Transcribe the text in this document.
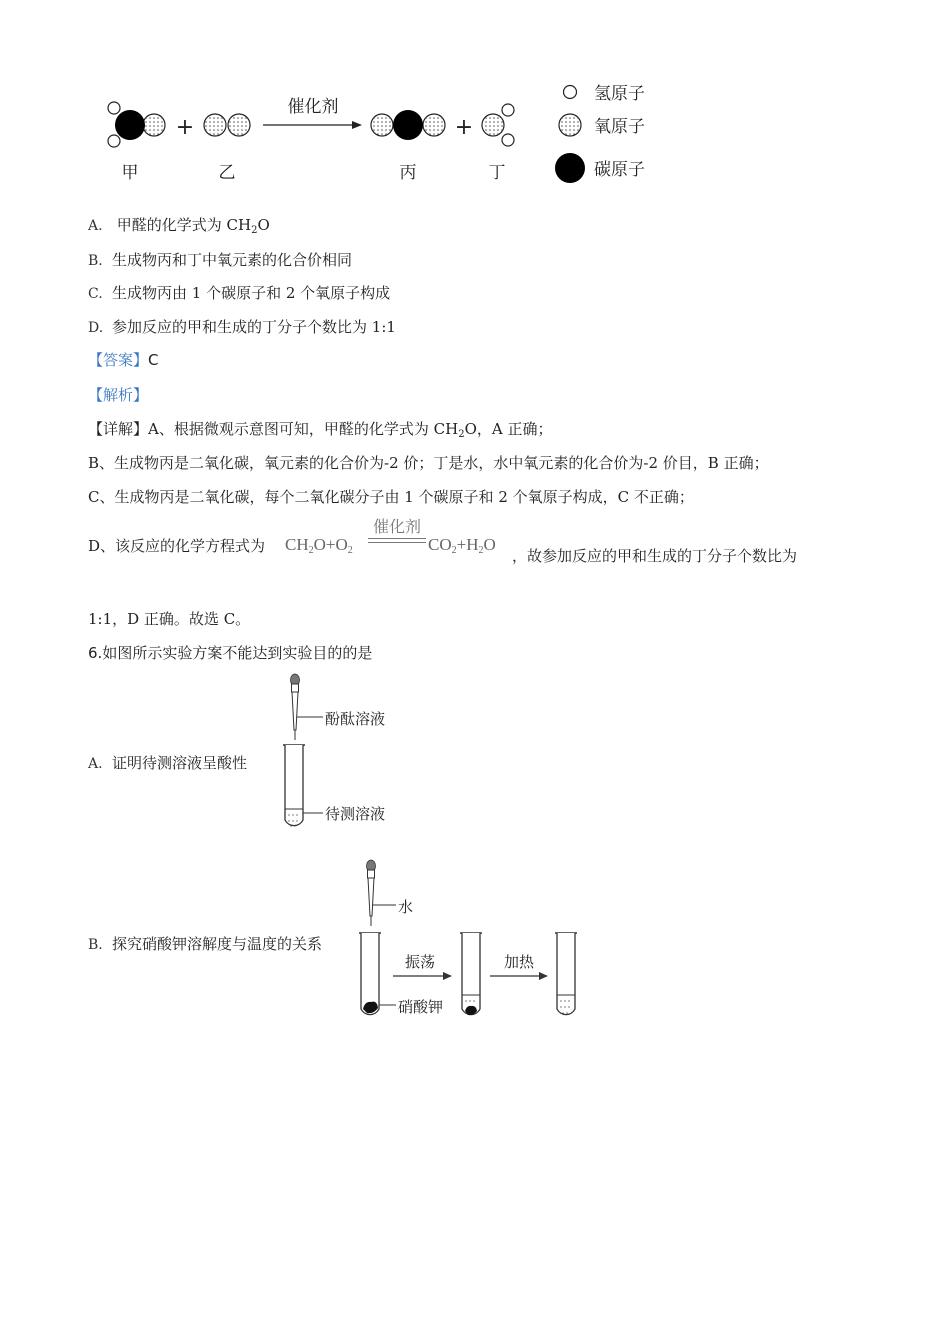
甲
+
乙
催化剂
丙
+
丁
氢原子
氧原子
碳原子
A. 甲醛的化学式为 $CH_2O$
B. 生成物丙和丁中氧元素的化合价相同
C. 生成物丙由 1 个碳原子和 2 个氧原子构成
D. 参加反应的甲和生成的丁分子个数比为 1:1
【答案】C
【解析】
【详解】A、根据微观示意图可知，甲醛的化学式为 $CH_2O$，A 正确；
B、生成物丙是二氧化碳，氧元素的化合价为-2 价；丁是水，水中氧元素的化合价为-2 价目，B 正确；
C、生成物丙是二氧化碳，每个二氧化碳分子由 1 个碳原子和 2 个氧原子构成，C 不正确；
D、该反应的化学方程式为 $CH_2O+O_2$
催化剂
$CO_2+H_2O$
，故参加反应的甲和生成的丁分子个数比为
1:1，D 正确。故选 C。
6.如图所示实验方案不能达到实验目的的是
A. 证明待测溶液呈酸性
酚酞溶液
待测溶液
B. 探究硝酸钾溶解度与温度的关系
水
硝酸钾
振荡	加热
